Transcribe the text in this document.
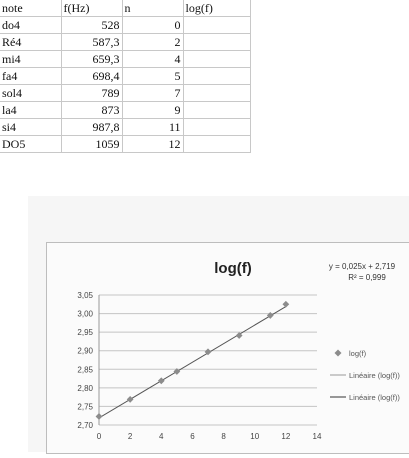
note	f(Hz)	n	log(f)
do4	528	0	
Ré4	587,3	2	
mi4	659,3	4	
fa4	698,4	5	
sol4	789	7	
la4	873	9	
si4	987,8	11	
DO5	1059	12	
log(f)	y = 0,025x + 2,719
R² = 0,999
2,70
2,75
2,80
2,85
2,90
2,95
3,00
3,05
0	2	4	6	8	10	12	14
log(f)
Linéaire (log(f))
Linéaire (log(f))
